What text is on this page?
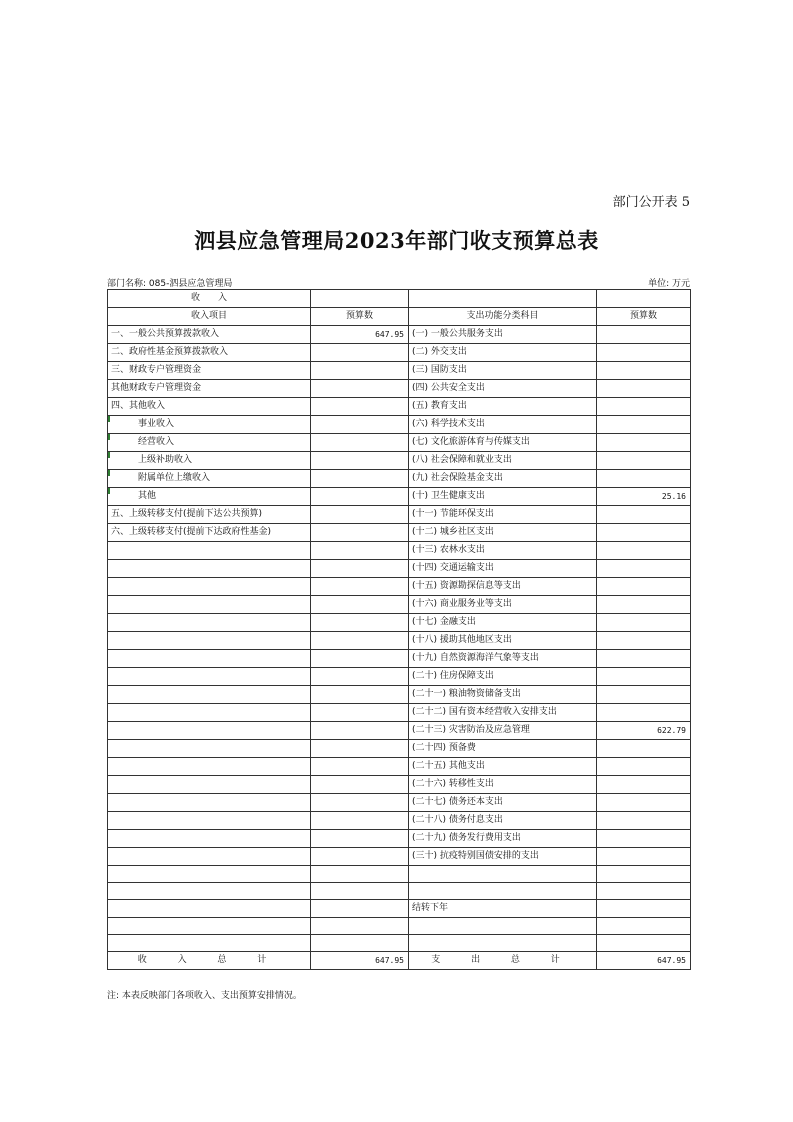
部门公开表 5
泗县应急管理局2023年部门收支预算总表
部门名称: 085-泗县应急管理局	单位: 万元
收　　入			
收入项目	预算数	支出功能分类科目	预算数
一、一般公共预算拨款收入	647.95	(一) 一般公共服务支出	
二、政府性基金预算拨款收入		(二) 外交支出	
三、财政专户管理资金		(三) 国防支出	
其他财政专户管理资金		(四) 公共安全支出	
四、其他收入		(五) 教育支出	
事业收入		(六) 科学技术支出	
经营收入		(七) 文化旅游体育与传媒支出	
上级补助收入		(八) 社会保障和就业支出	
附属单位上缴收入		(九) 社会保险基金支出	
其他		(十) 卫生健康支出	25.16
五、上级转移支付(提前下达公共预算)		(十一) 节能环保支出	
六、上级转移支付(提前下达政府性基金)		(十二) 城乡社区支出	
		(十三) 农林水支出	
		(十四) 交通运输支出	
		(十五) 资源勘探信息等支出	
		(十六) 商业服务业等支出	
		(十七) 金融支出	
		(十八) 援助其他地区支出	
		(十九) 自然资源海洋气象等支出	
		(二十) 住房保障支出	
		(二十一) 粮油物资储备支出	
		(二十二) 国有资本经营收入安排支出	
		(二十三) 灾害防治及应急管理	622.79
		(二十四) 预备费	
		(二十五) 其他支出	
		(二十六) 转移性支出	
		(二十七) 债务还本支出	
		(二十八) 债务付息支出	
		(二十九) 债务发行费用支出	
		(三十) 抗疫特别国债安排的支出	

		结转下年	

收 入 总 计	647.95	支 出 总 计	647.95
注: 本表反映部门各项收入、支出预算安排情况。
